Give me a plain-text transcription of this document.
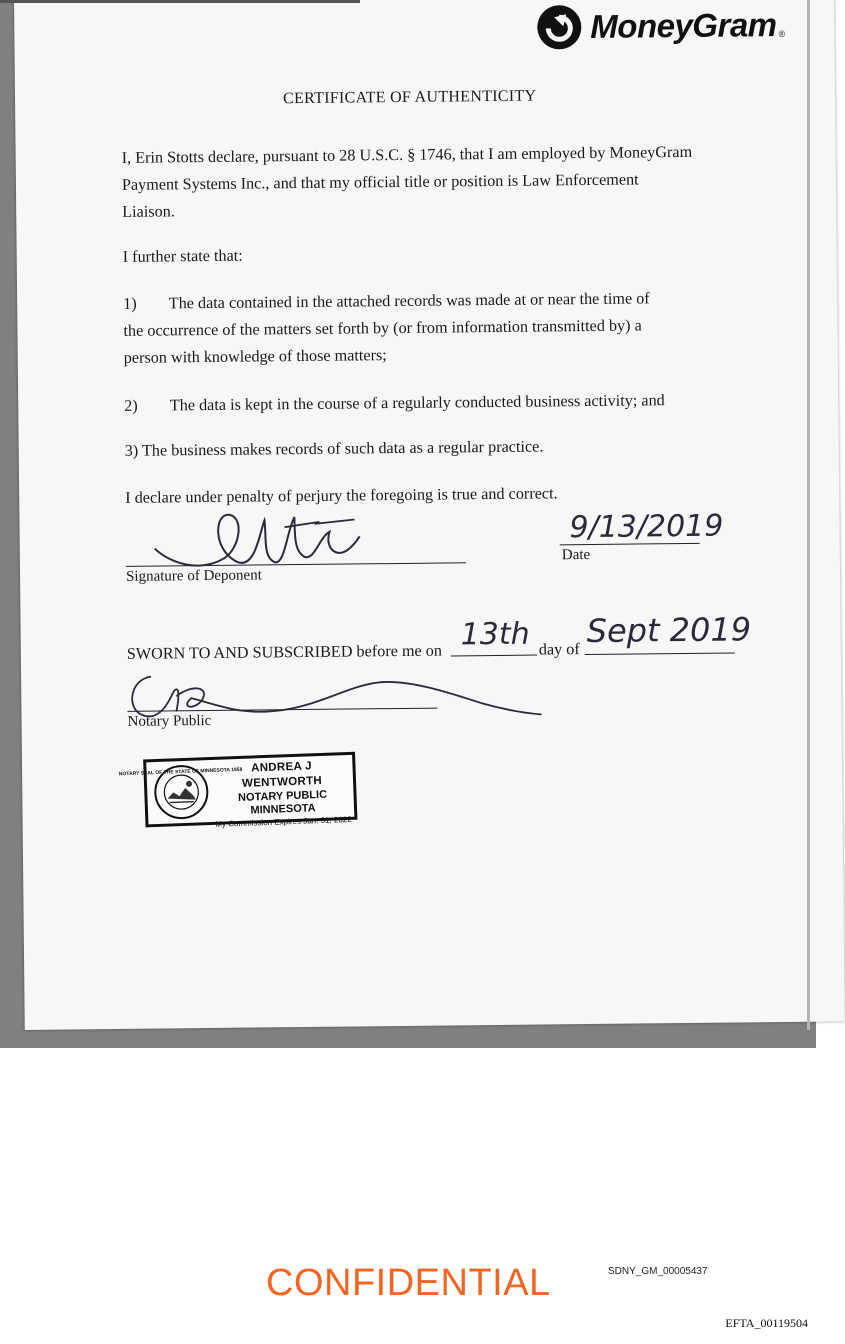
MoneyGram ®
CERTIFICATE OF AUTHENTICITY
I, Erin Stotts declare, pursuant to 28 U.S.C. § 1746, that I am employed by MoneyGram
Payment Systems Inc., and that my official title or position is Law Enforcement
Liaison.
I further state that:
1)        The data contained in the attached records was made at or near the time of
the occurrence of the matters set forth by (or from information transmitted by) a
person with knowledge of those matters;
2)        The data is kept in the course of a regularly conducted business activity; and
3) The business makes records of such data as a regular practice.
I declare under penalty of perjury the foregoing is true and correct.
Signature of Deponent
Date
9/13/2019
SWORN TO AND SUBSCRIBED before me on 13th day of Sept 2019
Notary Public
NOTARY SEAL OF THE STATE OF MINNESOTA 1858 ANDREA J WENTWORTH
NOTARY PUBLIC
MINNESOTA
My Commission Expires Jan. 31, 2022
CONFIDENTIAL	SDNY_GM_00005437
EFTA_00119504
